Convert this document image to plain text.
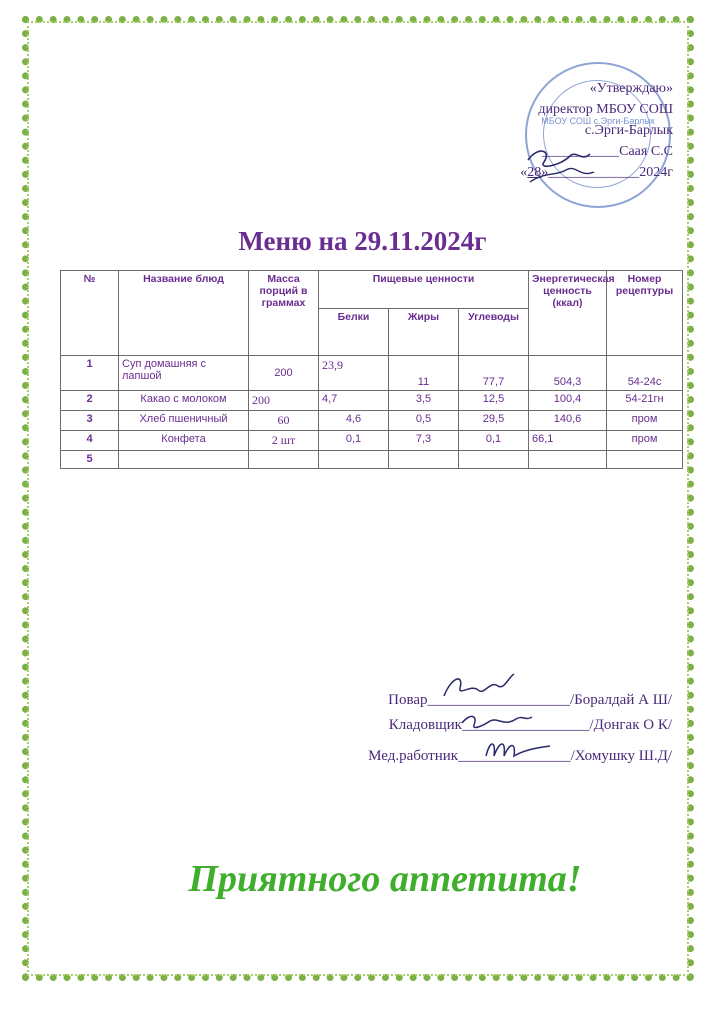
МБОУ СОШ с.Эрги-Барлык
«Утверждаю»
директор МБОУ СОШ
с.Эрги-Барлык
___________Саая С.С
«28»_____________2024г
Меню на 29.11.2024г
№	Название блюд	Масса порций в граммах	Пищевые ценности			Энергетическая ценность (ккал)	Номер рецептуры
			Белки	Жиры	Углеводы		
1	Суп домашняя с лапшой	200	23,9	11	77,7	504,3	54-24с
2	Какао с молоком	200	4,7	3,5	12,5	100,4	54-21гн
3	Хлеб пшеничный	60	4,6	0,5	29,5	140,6	пром
4	Конфета	2 шт	0,1	7,3	0,1	66,1	пром
5							
Повар___________________/Боралдай А Ш/
Кладовщик_________________/Донгак О К/
Мед.работник_______________/Хомушку Ш.Д/
Приятного аппетита!
